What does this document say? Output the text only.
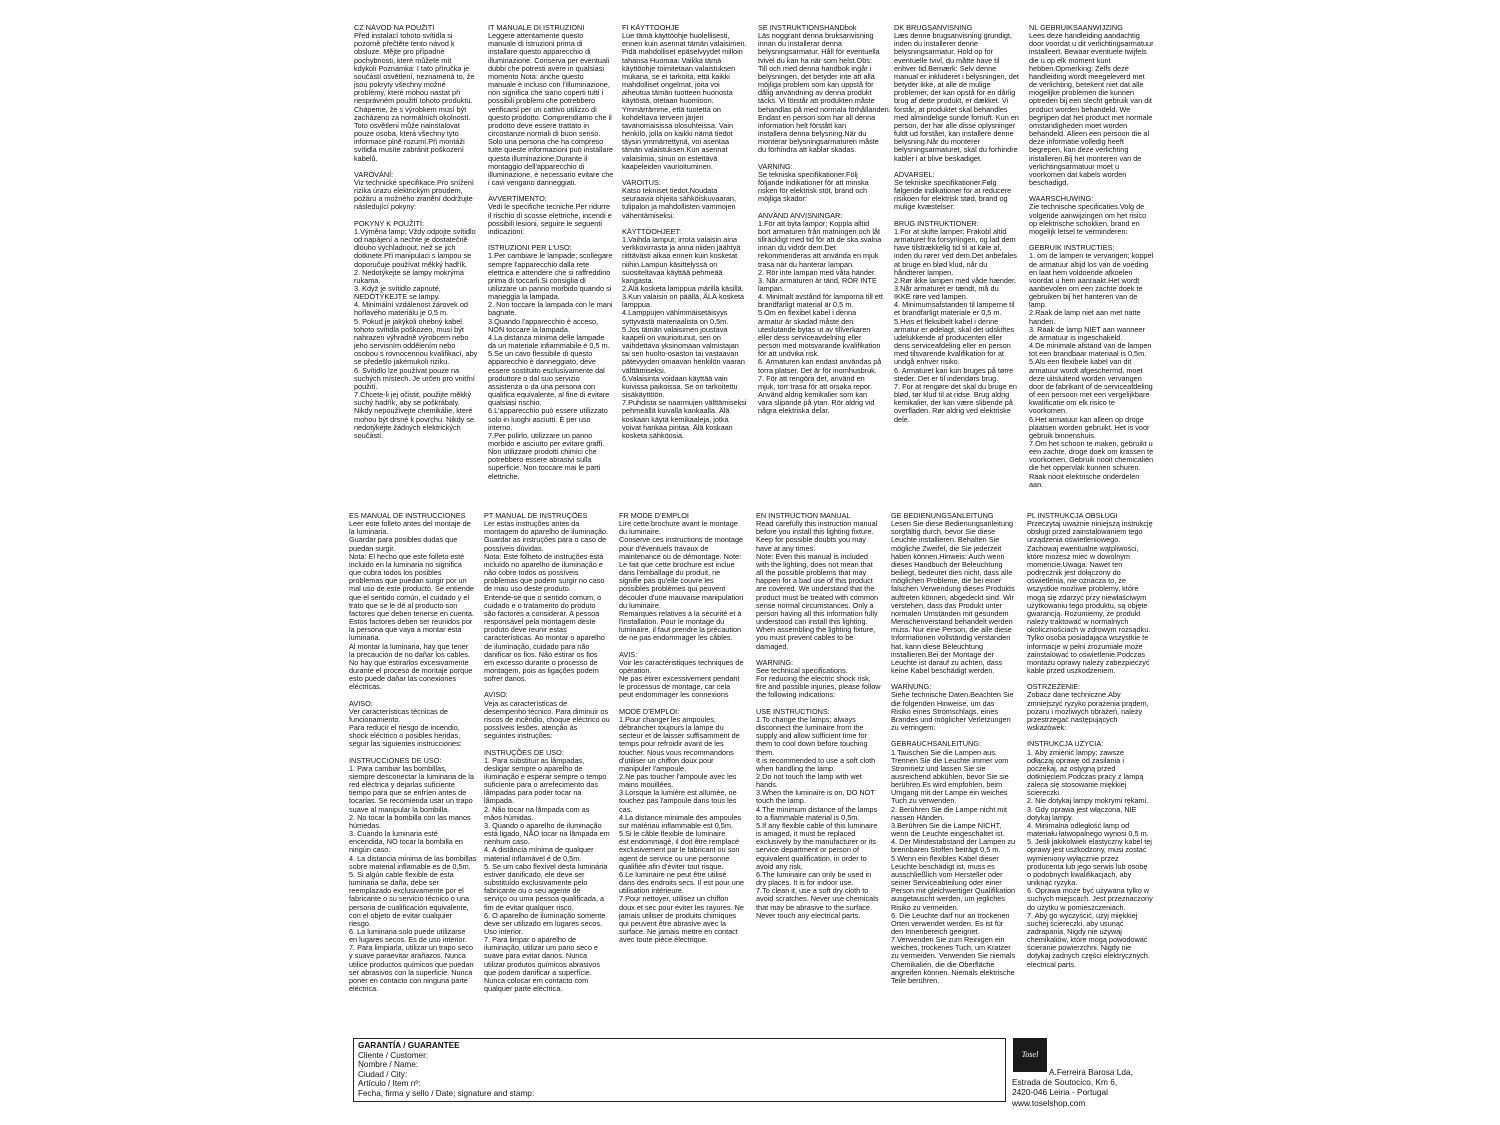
CZ NÁVOD NA POUŽITÍ
Před instalací tohoto svítidla si
pozorně přečtěte tento návod k
obsluze. Mějte pro případné
pochybnosti, které můžete mít
kdykoli Poznámka: I tato příručka je
součástí osvětlení, neznamená to, že
jsou pokryty všechny možné
problémy, které mohou nastat při
nesprávném použití tohoto produktu.
Chápeme, že s výrobkem musí být
zacházeno za normálních okolností.
Toto osvětlení může nainstalovat
pouze osoba, která všechny tyto
informace plně rozumí.Při montáži
svítidla musíte zabránit poškození
kabelů.

VAROVÁNÍ:
Viz technické specifikace.Pro snížení
rizika úrazu elektrickým proudem,
požáru a možného zranění dodržujte
následující pokyny:

POKYNY K POUŽITÍ:
1.Výměna lamp; Vždy odpojte svítidlo
od napájení a nechte je dostatečně
dlouho vychladnout, než se jich
dotknete.Při manipulaci s lampou se
doporučuje používat měkký hadřík.
2. Nedotýkejte se lampy mokrýma
rukama.
3. Když je svítidlo zapnuté,
NEDOTÝKEJTE se lampy.
4. Minimální vzdálenost žárovek od
hořlavého materiálu je 0,5 m.
5. Pokud je jakýkoli ohebný kabel
tohoto svítidla poškozen, musí být
nahrazen výhradně výrobcem nebo
jeho servisním oddělením nebo
osobou s rovnocennou kvalifikací, aby
se předešlo jakémukoli riziku.
6. Svítidlo lze používat pouze na
suchých místech. Je určen pro vnitřní
použití.
7.Chcete-li jej očistit, použijte měkký
suchý hadřík, aby se poškrábaly.
Nikdy nepoužívejte chemikálie, které
mohou být drsné k povrchu. Nikdy se
nedotýkejte žádných elektrických
součástí.
IT MANUALE DI ISTRUZIONI
Leggere attentamente questo
manuale di istruzioni prima di
installare questo apparecchio di
illuminazione. Conserva per eventuali
dubbi che potresti avere in qualsiasi
momento Nota: anche questo
manuale è incluso con l'illuminazione,
non significa che siano coperti tutti i
possibili problemi che potrebbero
verificarsi per un cattivo utilizzo di
questo prodotto. Comprendiamo che il
prodotto deve essere trattato in
circostanze normali di buon senso.
Solo una persona che ha compreso
tutte queste informazioni può installare
questa illuminazione.Durante il
montaggio dell'apparecchio di
illuminazione, è necessario evitare che
i cavi vengano danneggiati.

AVVERTIMENTO:
Vedi le specifiche tecniche.Per ridurre
il rischio di scosse elettriche, incendi e
possibili lesioni, seguire le seguenti
indicazioni:

ISTRUZIONI PER L'USO:
1.Per cambiare le lampade; scollegare
sempre l'apparecchio dalla rete
elettrica e attendere che si raffreddino
prima di toccarli.Si consiglia di
utilizzare un panno morbido quando si
maneggia la lampada.
2. Non toccare la lampada con le mani
bagnate.
3.Quando l'apparecchio è acceso,
NON toccare la lampada.
4.La distanza minima delle lampade
da un materiale infiammabile è 0,5 m.
5.Se un cavo flessibile di questo
apparecchio è danneggiato, deve
essere sostituito esclusivamente dal
produttore o dal suo servizio
assistenza o da una persona con
qualifica equivalente, al fine di evitare
qualsiasi rischio.
6.L'apparecchio può essere utilizzato
solo in luoghi asciutti. È per uso
interno.
7.Per pulirlo, utilizzare un panno
morbido e asciutto per evitare graffi.
Non utilizzare prodotti chimici che
potrebbero essere abrasivi sulla
superficie. Non toccare mai le parti
elettriche.
FI KÄYTTÖOHJE
Lue tämä käyttöohje huolellisesti,
ennen kuin asennat tämän valaisimen.
Pidä mahdolliset epäselvyydet milloin
tahansa Huomaa: Vaikka tämä
käyttöohje toimitetaan valaistuksen
mukana, se ei tarkoita, että kaikki
mahdolliset ongelmat, joita voi
aiheutua tämän tuotteen huonosta
käytöstä, otetaan huomioon.
Ymmärrämme, että tuotetta on
kohdeltava terveen järjen
tavanomaisissa olosuhteissa. Vain
henkilö, jolla on kaikki nämä tiedot
täysin ymmärrettynä, voi asentaa
tämän valaistuksen.Kun asennat
valaisimia, sinun on estettävä
kaapeleiden vaurioituminen.

VAROITUS:
Katso tekniset tiedot.Noudata
seuraavia ohjeita sähköiskuvaaran,
tulipalon ja mahdollisten vammojen
vähentämiseksi:

KÄYTTÖOHJEET:
1.Vaihda lamput; irrota valaisin aina
verkkovirrasta ja anna niiden jäähtyä
riittävästi aikaa ennen kuin kosketat
niihin.Lampun käsittelyssä on
suositeltavaa käyttää pehmeää
kangasta.
2.Älä kosketa lamppua märillä käsillä.
3.Kun valaisin on päällä, ÄLÄ kosketa
lamppua.
4.Lamppujen vähimmäisetäisyys
syttyvästä materiaalista on 0,5m.
5.Jos tämän valaisimen joustava
kaapeli on vaurioitunut, sen on
vaihdettava yksinomaan valmistajan
tai sen huolto-osaston tai vastaavan
pätevyyden omaavan henkilön vaaran
välttämiseksi.
6.Valaisinta voidaan käyttää vain
kuivissa paikoissa. Se on tarkoitettu
sisäkäyttöön.
7.Puhdista se naarmujen välttämiseksi
pehmeällä kuivalla kankaalla. Älä
koskaan käytä kemikaaleja, jotka
voivat hankaa pintaa. Älä koskaan
kosketa sähköosia.
SE INSTRUKTIONSHANDbok
Läs noggrant denna bruksanvisning
innan du installerar denna
belysningsarmatur. Håll för eventuella
tvivel du kan ha när som helst.Obs:
Till och med denna handbok ingår i
belysningen, det betyder inte att alla
möjliga problem som kan uppstå för
dålig användning av denna produkt
täcks. Vi förstår att produkten måste
behandlas på med normala förhållanden.
Endast en person som har all denna
information helt förstått kan
installera denna belysning.När du
monterar belysningsarmaturen måste
du förhindra att kablar skadas.

VARNING:
Se tekniska specifikationer.Följ
följande indikationer för att minska
risken för elektrisk stöt, brand och
möjliga skador:

ANVÄND ANVISNINGAR:
1.För att byta lampor; Koppla alltid
bort armaturen från matningen och låt
tillräckligt med tid för att de ska svalna
innan du vidrör dem.Det
rekommenderas att använda en mjuk
trasa när du hanterar lampan.
2. Rör inte lampan med våta händer.
3. När armaturen är tänd, RÖR INTE
lampan.
4. Minimalt avstånd för lamporna till ett
brandfarligt material är 0,5 m.
5.Om en flexibel kabel i denna
armatur är skadad måste den
uteslutande bytas ut av tillverkaren
eller dess serviceavdelning eller
person med motsvarande kvalifikation
för att undvika risk.
6. Armaturen kan endast användas på
torra platser. Det är för inomhusbruk.
7. För att rengöra det, använd en
mjuk, torr trasa för att orsaka repor.
Använd aldrig kemikalier som kan
vara slipande på ytan. Rör aldrig vid
några elektriska delar.
DK BRUGSANVISNING
Læs denne brugsanvisning grundigt,
inden du installerer denne
belysningsarmatur. Hold op for
eventuelle tvivl, du måtte have til
enhver tid.Bemærk: Selv denne
manual er inkluderet i belysningen, det
betyder ikke, at alle de mulige
problemer, der kan opstå for en dårlig
brug af dette produkt, er dækket. Vi
forstår, at produktet skal behandles
med almindelige sunde fornuft. Kun en
person, der har alle disse oplysninger
fuldt ud forstået, kan installere denne
belysning.Når du monterer
belysningsarmaturet, skal du forhindre
kabler i at blive beskadiget.

ADVARSEL:
Se tekniske specifikationer.Følg
følgende indikationer for at reducere
risikoen for elektrisk stød, brand og
mulige kvæstelser:

BRUG INSTRUKTIONER:
1.For at skifte lamper; Frakobl altid
armaturet fra forsyningen, og lad dem
have tilstrækkelig tid til at køle af,
inden du rører ved dem.Det anbefales
at bruge en blød klud, når du
håndterer lampen.
2.Rør ikke lampen med våde hænder.
3.Når armaturet er tændt, må du
IKKE røre ved lampen.
4. Minimumsafstanden til lamperne til
et brandfarligt materiale er 0,5 m.
5.Hvis et fleksibelt kabel i denne
armatur er ødelagt, skal det udskiftes
udelukkende af producenten eller
dens serviceafdeling eller en person
med tilsvarende kvalifikation for at
undgå enhver risiko.
6. Armaturet kan kun bruges på tørre
steder. Det er til indendørs brug.
7. For at rengøre det skal du bruge en
blød, tør klud til at ridse. Brug aldrig
kemikalier, der kan være slibende på
overfladen. Rør aldrig ved elektriske
dele.
NL GEBRUIKSAANWIJZING
Lees deze handleiding aandachtig
door voordat u dit verlichtingsarmatuur
installeert. Bewaar eventuele twijfels
die u op elk moment kunt
hebben.Opmerking: Zelfs deze
handleiding wordt meegeleverd met
de verlichting, betekent niet dat alle
mogelijke problemen die kunnen
optreden bij een slecht gebruik van dit
product worden behandeld. We
begrijpen dat het product met normale
omstandigheden moet worden
behandeld. Alleen een persoon die al
deze informatie volledig heeft
begrepen, kan deze verlichting
installeren.Bij het monteren van de
verlichtingsarmatuur moet u
voorkomen dat kabels worden
beschadigd.

WAARSCHUWING:
Zie technische specificaties.Volg de
volgende aanwijzingen om het risico
op elektrische schokken, brand en
mogelijk letsel te verminderen:

GEBRUIK INSTRUCTIES:
1. om de lampen te vervangen; koppel
de armatuur altijd los van de voeding
en laat hem voldoende afkoelen
voordat u hem aanraakt.Het wordt
aanbevolen om een zachte doek te
gebruiken bij het hanteren van de
lamp.
2.Raak de lamp niet aan met natte
handen.
3. Raak de lamp NIET aan wanneer
de armatuur is ingeschakeld.
4.De minimale afstand van de lampen
tot een brandbaar materiaal is 0,5m.
5.Als een flexibele kabel van dit
armatuur wordt afgeschermd, moet
deze uitsluitend worden vervangen
door de fabrikant of de serviceafdeling
of een persoon met een vergelijkbare
kwalificatie om elk risico te
voorkomen.
6.Het armatuur kan alleen op droge
plaatsen worden gebruikt. Het is voor
gebruik binnenshuis.
7.Om het schoon te maken, gebruikt u
een zachte, droge doek om krassen te
voorkomen. Gebruik nooit chemicaliën
die het oppervlak kunnen schuren.
Raak nooit elektrische onderdelen
aan.
ES MANUAL DE INSTRUCCIONES
Leer este folleto antes del montaje de
la luminaria.
Guardar para posibles dudas que
puedan surgir.
Nota: El hecho que este folleto esté
incluido en la luminaria no significa
que cubra todos los posibles
problemas que puedan surgir por un
mal uso de este producto. Se entiende
que el sentido común, el cuidado y el
trato que se le dé al producto son
factores que deben tenerse en cuenta.
Estos factores deben ser reunidos por
la persona que vaya a montar esta
luminaria.
Al montar la luminaria, hay que tener
la precaución de no dañar los cables.
No hay que estirarlos excesivamente
durante el proceso de montaje porque
esto puede dañar las conexiones
eléctricas.

AVISO:
Ver características técnicas de
funcionamiento.
Para reducir el riesgo de incendio,
shock eléctrico o posibles heridas,
seguir las siguientes instrucciones:

INSTRUCCIONES DE USO:
1. Para cambiar las bombillas,
siempre desconectar la luminaria de la
red eléctrica y dejarlas suficiente
tiempo para que se enfríen antes de
tocarlas. Se recomienda usar un trapo
suave al manipular la bombilla.
2. No tocar la bombilla con las manos
húmedas.
3. Cuando la luminaria esté
encendida, NO tocar la bombilla en
ningún caso.
4. La distancia mínima de las bombillas
sobre material inflamable es de 0,5m.
5. Si algún cable flexible de esta
luminaria se daña, debe ser
reemplazado exclusivamente por el
fabricante o su servicio técnico o una
persona de cualificación equivalente,
con el objeto de evitar cualquier
riesgo.
6. La luminaria solo puede utilizarse
en lugares secos. Es de uso interior.
7. Para limpiarla, utilizar un trapo seco
y suave paraevitar arañazos. Nunca
utilice productos químicos que puedan
ser abrasivos con la superficie. Nunca
poner en contacto con ninguna parte
eléctrica.
PT MANUAL DE INSTRUÇÕES
Ler estas instruções antes da
montagem do aparelho de iluminação.
Guardar as instruções para o caso de
possíveis dúvidas.
Nota: Este folheto de instruções está
incluído no aparelho de iluminação e
não cobre todos os possíveis
problemas que podem surgir no caso
de mau uso deste produto.
Entende-se que o sentido comum, o
cuidado e o tratamento do produto
são factores a considerar. A pessoa
responsável pela montagem deste
produto deve reunir estas
características. Ao montar o aparelho
de iluminação, cuidado para não
danificar os fios. Não estirar os fios
em excesso durante o processo de
montagem, pois as ligações podem
sofrer danos.

AVISO:
Veja as características de
desempenho técnico. Para diminuir os
riscos de incêndio, choque eléctrico ou
possíveis lesões, atenção às
seguintes instruções:

INSTRUÇÕES DE USO:
1. Para substituir as lâmpadas,
desligar sempre o aparelho de
iluminação e esperar sempre o tempo
suficiente para o arrefecimento das
lâmpadas para poder tocar na
lâmpada.
2. Não tocar na lâmpada com as
mãos húmidas.
3. Quando o aparelho de iluminação
está ligado, NÃO tocar na lâmpada em
nenhum caso.
4. A distância mínima de qualquer
material inflamável é de 0,5m.
5. Se um cabo flexível desta luminária
estiver danificado, ele deve ser
substituído exclusivamente pelo
fabricante ou o seu agente de
serviço ou uma pessoa qualificada, a
fim de evitar qualquer risco.
6. O aparelho de iluminação somente
deve ser utilizado em lugares secos.
Uso interior.
7. Para limpar o aparelho de
iluminação, utilizar um pano seco e
suave para evitar danos. Nunca
utilizar produtos químicos abrasivos
que podem danificar a superfície.
Nunca colocar em contacto com
qualquer parte eléctrica.
FR MODE D'EMPLOI
Lire cette brochure avant le montage
du luminaire.
Conserve ces instructions de montage
pour d'éventuels travaux de
maintenance ou de démontage. Note:
Le fait que cette brochure est inclue
dans l'emballage du produit, ne
signifie pas qu'elle couvre les
possibles problèmes qui peuvent
découler d'une mauvaise manipulation
du luminaire.
Remarques relatives à la sécurité et à
l'installation. Pour le montage du
luminaire, il faut prendre la précaution
de ne pas endommager les câbles.

AVIS:
Voir les caractéristiques techniques de
opération.
Ne pas étirer excessivement pendant
le processus de montage, car cela
peut endommager les connexions

MODE D'EMPLOI:
1.Pour changer les ampoules,
débrancher toujours la lampe du
secteur et de laisser suffisamment de
temps pour refroidir avant de les
toucher. Nous vous recommandons
d'utiliser un chiffon doux pour
manipuler l'ampoule.
2.Ne pas toucher l'ampoule avec les
mains mouillées.
3.Lorsque la lumière est allumée, ne
touchez pas l'ampoule dans tous les
cas.
4.La distance minimale des ampoules
sur matériau inflammable est 0,5m.
5.Si le câble flexible de luminaire
est endommagé, il doit être remplacé
exclusivement par le fabricant ou son
agent de service ou une personne
qualifiée afin d'éviter tout risque.
6.Le luminaire ne peut être utilisé
dans des endroits secs. Il est pour une
utilisation intérieure.
7.Pour nettoyer, utilisez un chiffon
doux et sec pour éviter les rayures. Ne
jamais utiliser de produits chimiques
qui peuvent être abrasive avec la
surface. Ne jamais mettre en contact
avec toute pièce électrique.
EN INSTRUCTION MANUAL
Read carefully this instruction manual
before you install this lighting fixture.
Keep for possible doubts you may
have at any times.
Note: Even this manual is included
with the lighting, does not mean that
all the possible problems that may
happen for a bad use of this product
are covered. We understand that the
product must be treated with common
sense normal circumstances. Only a
person having all this information fully
understood can install this lighting.
When assembling the lighting fixture,
you must prevent cables to be
damaged.

WARNING:
See technical specifications.
For reducing the electric shock risk,
fire and possible injuries, please follow
the following indications:

USE INSTRUCTIONS:
1.To change the lamps; always
disconnect the luminaire from the
supply and allow sufficient time for
them to cool down before touching
them.
It is recommended to use a soft cloth
when handling the lamp.
2.Do not touch the lamp with wet
hands.
3.When the luminaire is on, DO NOT
touch the lamp.
4.The minimum distance of the lamps
to a flammable material is 0,5m.
5.If any flexible cable of this luminaire
is amaged, it must be replaced
exclusively by the manufacturer or its
service department or person of
equivalent qualification, in order to
avoid any risk.
6.The luminaire can only be used in
dry places. It is for indoor use.
7.To clean it, use a soft dry cloth to
avoid scratches. Never use chemicals
that may be abrasive to the surface.
Never touch any electrical parts.
GE BEDIENUNGSANLEITUNG
Lesen Sie diese Bedienungsanleitung
sorgfältig durch, bevor Sie diese
Leuchte installieren. Behalten Sie
mögliche Zweifel, die Sie jederzeit
haben können.Hinweis: Auch wenn
dieses Handbuch der Beleuchtung
beiliegt, bedeutet dies nicht, dass alle
möglichen Probleme, die bei einer
falschen Verwendung dieses Produkts
auftreten können, abgedeckt sind. Wir
verstehen, dass das Produkt unter
normalen Umständen mit gesundem
Menschenverstand behandelt werden
muss. Nur eine Person, die alle diese
Informationen vollständig verstanden
hat, kann diese Beleuchtung
installieren.Bei der Montage der
Leuchte ist darauf zu achten, dass
keine Kabel beschädigt werden.

WARNUNG:
Siehe technische Daten.Beachten Sie
die folgenden Hinweise, um das
Risiko eines Stromschlags, eines
Brandes und möglicher Verletzungen
zu verringern:

GEBRAUCHSANLEITUNG:
1.Tauschen Sie die Lampen aus.
Trennen Sie die Leuchte immer vom
Stromnetz und lassen Sie sie
ausreichend abkühlen, bevor Sie sie
berühren.Es wird empfohlen, beim
Umgang mit der Lampe ein weiches
Tuch zu verwenden.
2. Berühren Sie die Lampe nicht mit
nassen Händen.
3.Berühren Sie die Lampe NICHT,
wenn die Leuchte eingeschaltet ist.
4. Der Mindestabstand der Lampen zu
brennbaren Stoffen beträgt 0,5 m.
5.Wenn ein flexibles Kabel dieser
Leuchte beschädigt ist, muss es
ausschließlich vom Hersteller oder
seiner Serviceabteilung oder einer
Person mit gleichwertiger Qualifikation
ausgetauscht werden, um jegliches
Risiko zu vermeiden.
6. Die Leuchte darf nur an trockenen
Orten verwendet werden. Es ist für
den Innenbereich geeignet.
7.Verwenden Sie zum Reinigen ein
weiches, trockenes Tuch, um Kratzer
zu vermeiden. Verwenden Sie niemals
Chemikalien, die die Oberfläche
angreifen können. Niemals elektrische
Teile berühren.
PL INSTRUKCJA OBSŁUGI
Przeczytaj uważnie niniejszą instrukcję
obsługi przed zainstalowaniem tego
urządzenia oświetleniowego.
Zachowaj ewentualne wątpliwości,
które możesz mieć w dowolnym
momencie.Uwaga: Nawet ten
podręcznik jest dołączony do
oświetlenia, nie oznacza to, że
wszystkie możliwe problemy, które
mogą się zdarzyć przy niewłaściwym
użytkowaniu tego produktu, są objęte
gwarancją. Rozumiemy, że produkt
należy traktować w normalnych
okolicznościach w zdrowym rozsądku.
Tylko osoba posiadająca wszystkie te
informacje w pełni zrozumiałe może
zainstalować to oświetlenie.Podczas
montażu oprawy należy zabezpieczyć
kable przed uszkodzeniem.

OSTRZEŻENIE:
Zobacz dane techniczne.Aby
zmniejszyć ryzyko porażenia prądem,
pożaru i możliwych obrażeń, należy
przestrzegać następujących
wskazówek:

INSTRUKCJA UŻYCIA:
1. Aby zmienić lampy; zawsze
odłączaj oprawę od zasilania i
poczekaj, aż ostygną przed
dotknięciem.Podczas pracy z lampą
zaleca się stosowanie miękkiej
ściereczki.
2. Nie dotykaj lampy mokrymi rękami.
3. Gdy oprawa jest włączona, NIE
dotykaj lampy.
4. Minimalna odległość lamp od
materiału łatwopalnego wynosi 0,5 m.
5. Jeśli jakikolwiek elastyczny kabel tej
oprawy jest uszkodzony, musi zostać
wymieniony wyłącznie przez
producenta lub jego serwis lub osobę
o podobnych kwalifikacjach, aby
uniknąć ryzyka.
6. Oprawa może być używana tylko w
suchych miejscach. Jest przeznaczony
do użytku w pomieszczeniach.
7. Aby go wyczyścić, użyj miękkiej
suchej ściereczki, aby usunąć
zadrapania. Nigdy nie używaj
chemikaliów, które mogą powodować
ścieranie powierzchni. Nigdy nie
dotykaj żadnych części elektrycznych.
electrical parts.
GARANTÍA / GUARANTEE
Cliente / Customer:
Nombre / Name:
Ciudad / City:
Artículo / Item nº:
Fecha, firma y sello / Date; signature and stamp:
Tosel
A.Ferreira Barosa Lda,
Estrada de Soutocico, Km 6,
2420-046 Leiria - Portugal
www.toselshop.com
